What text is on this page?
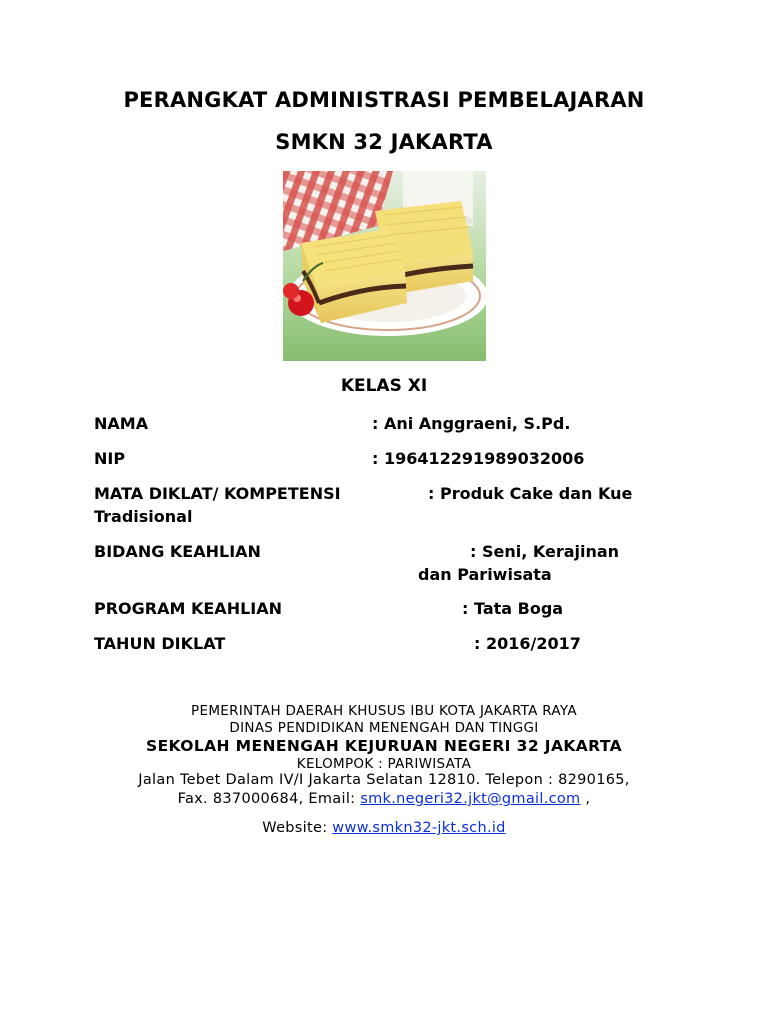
PERANGKAT ADMINISTRASI PEMBELAJARAN
SMKN 32 JAKARTA
KELAS XI
NAMA	: Ani Anggraeni, S.Pd.
NIP	: 196412291989032006
MATA DIKLAT/ KOMPETENSI	: Produk Cake dan Kue
Tradisional
BIDANG KEAHLIAN	: Seni, Kerajinan
dan Pariwisata
PROGRAM KEAHLIAN	: Tata Boga
TAHUN DIKLAT	: 2016/2017
PEMERINTAH DAERAH KHUSUS IBU KOTA JAKARTA RAYA
DINAS PENDIDIKAN MENENGAH DAN TINGGI
SEKOLAH MENENGAH KEJURUAN NEGERI 32 JAKARTA
KELOMPOK : PARIWISATA
Jalan Tebet Dalam IV/I Jakarta Selatan 12810. Telepon : 8290165,
Fax. 837000684, Email: smk.negeri32.jkt@gmail.com ,
Website: www.smkn32-jkt.sch.id
